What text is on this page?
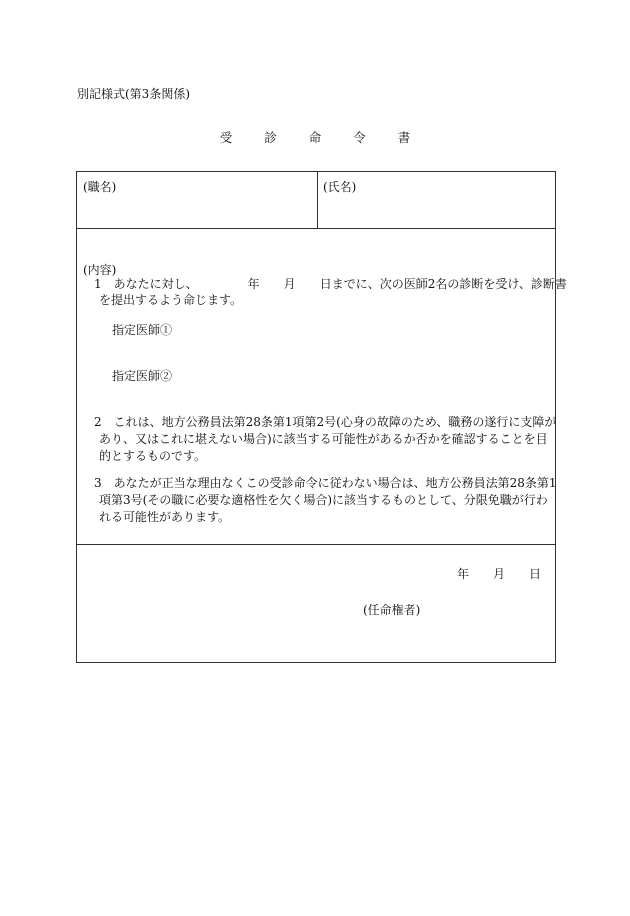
別記様式(第3条関係)
受	診	命	令	書
(職名)	(氏名)
(内容)
1 あなたに対し、	年 月 日までに、次の医師2名の診断を受け、診断書
を提出するよう命じます。
指定医師①
指定医師②
2 これは、地方公務員法第28条第1項第2号(心身の故障のため、職務の遂行に支障が
あり、又はこれに堪えない場合)に該当する可能性があるか否かを確認することを目
的とするものです。
3 あなたが正当な理由なくこの受診命令に従わない場合は、地方公務員法第28条第1
項第3号(その職に必要な適格性を欠く場合)に該当するものとして、分限免職が行わ
れる可能性があります。
年 月 日
(任命権者)
